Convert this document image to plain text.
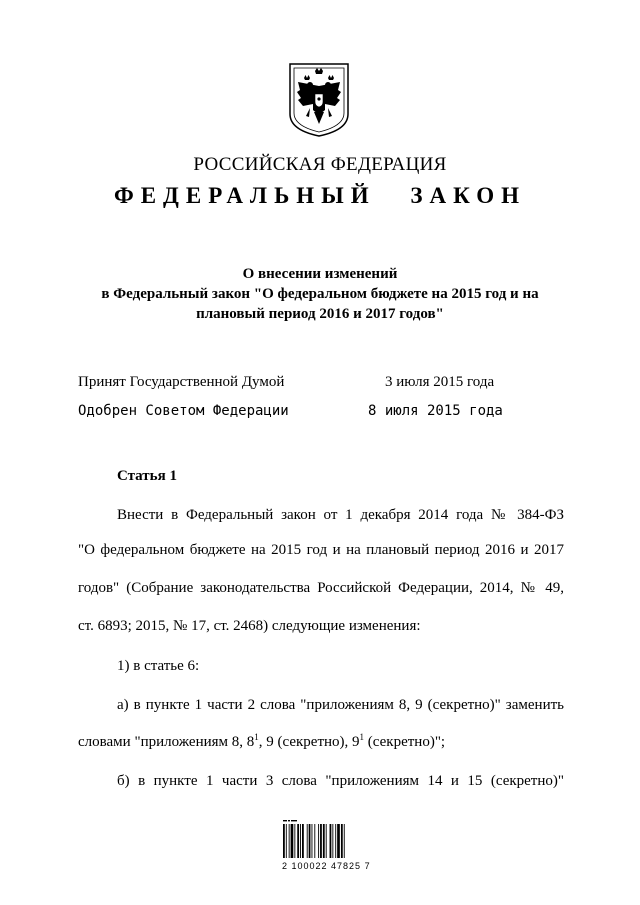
РОССИЙСКАЯ ФЕДЕРАЦИЯ
ФЕДЕРАЛЬНЫЙ ЗАКОН
О внесении изменений
в Федеральный закон "О федеральном бюджете на 2015 год и на
плановый период 2016 и 2017 годов"
Принят Государственной Думой	3 июля 2015 года
Одобрен Советом Федерации	8 июля 2015 года
Статья 1
Внести в Федеральный закон от 1 декабря 2014 года № 384-ФЗ
"О федеральном бюджете на 2015 год и на плановый период 2016 и 2017
годов" (Собрание законодательства Российской Федерации, 2014, № 49,
ст. 6893; 2015, № 17, ст. 2468) следующие изменения:
1) в статье 6:
а) в пункте 1 части 2 слова "приложениям 8, 9 (секретно)" заменить
словами "приложениям 8, $8^1$, 9 (секретно), $9^1$ (секретно)";
б) в пункте 1 части 3 слова "приложениям 14 и 15 (секретно)"
2 100022 47825 7
